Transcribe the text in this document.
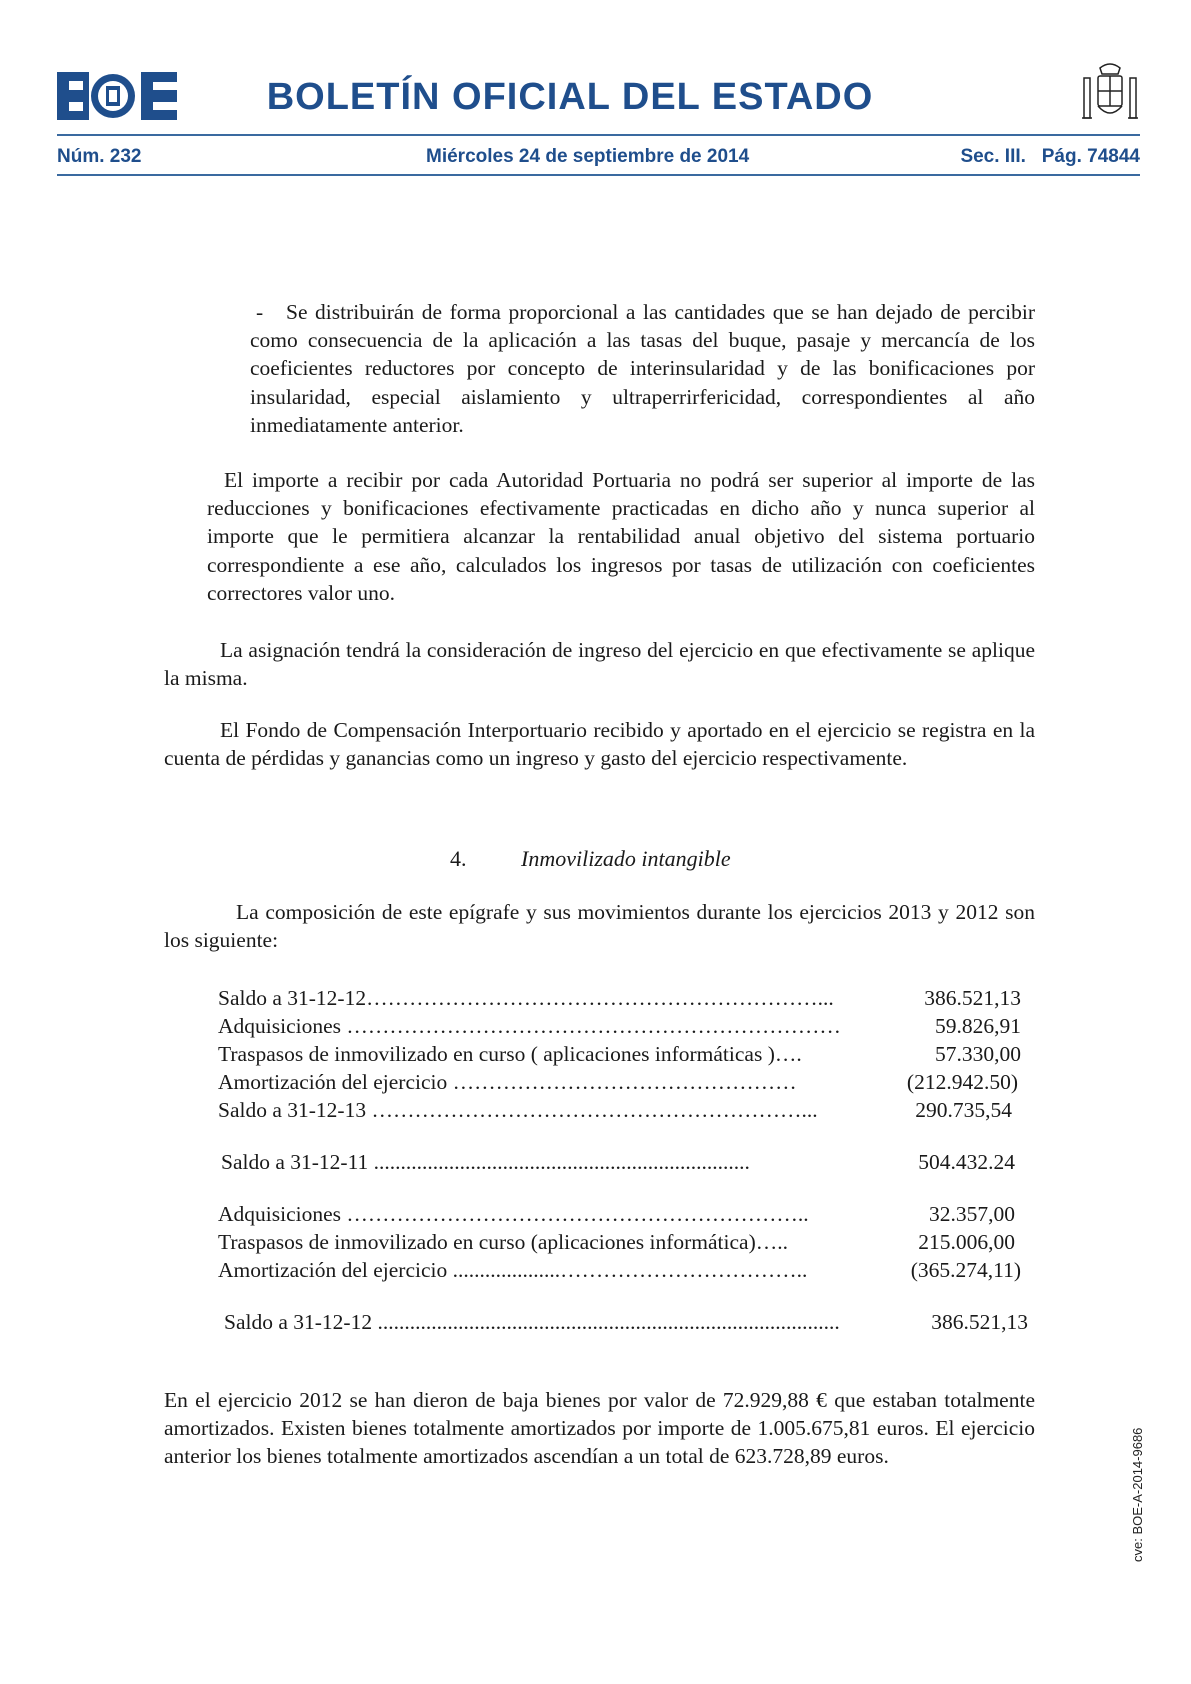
BOLETÍN OFICIAL DEL ESTADO
Núm. 232	Miércoles 24 de septiembre de 2014	Sec. III.   Pág. 74844
-	Se distribuirán de forma proporcional a las cantidades que se han dejado de percibir como consecuencia de la aplicación a las tasas del buque, pasaje y mercancía de los coeficientes reductores por concepto de interinsularidad y de las bonificaciones por insularidad, especial aislamiento y ultraperrirfericidad, correspondientes al año inmediatamente anterior.

El importe a recibir por cada Autoridad Portuaria no podrá ser superior al importe de las reducciones y bonificaciones efectivamente practicadas en dicho año y nunca superior al importe que le permitiera alcanzar la rentabilidad anual objetivo del sistema portuario correspondiente a ese año, calculados los ingresos por tasas de utilización con coeficientes correctores valor uno.

La asignación tendrá la consideración de ingreso del ejercicio en que efectivamente se aplique la misma.

El Fondo de Compensación Interportuario recibido y aportado en el ejercicio se registra en la cuenta de pérdidas y ganancias como un ingreso y gasto del ejercicio respectivamente.

4. Inmovilizado intangible

La composición de este epígrafe y sus movimientos durante los ejercicios 2013 y 2012 son los siguiente:

Saldo a 31-12-12………………………………………………………...	386.521,13
Adquisiciones ……………………………………………………………	59.826,91
Traspasos de inmovilizado en curso ( aplicaciones informáticas )….	57.330,00
Amortización del ejercicio …………………………………………	(212.942.50)
Saldo a 31-12-13 ……………………………………………………...	290.735,54
Saldo a 31-12-11 ......................................................................	504.432.24
Adquisiciones ………………………………………………………..	32.357,00
Traspasos de inmovilizado en curso (aplicaciones informática)…..	215.006,00
Amortización del ejercicio ....................……………………………..	(365.274,11)
Saldo a 31-12-12 ......................................................................................	386.521,13

En el ejercicio 2012 se han dieron de baja bienes por valor de 72.929,88 € que estaban totalmente amortizados. Existen bienes totalmente amortizados por importe de 1.005.675,81 euros. El ejercicio anterior los bienes totalmente amortizados ascendían a un total de 623.728,89 euros.	cve: BOE-A-2014-9686
